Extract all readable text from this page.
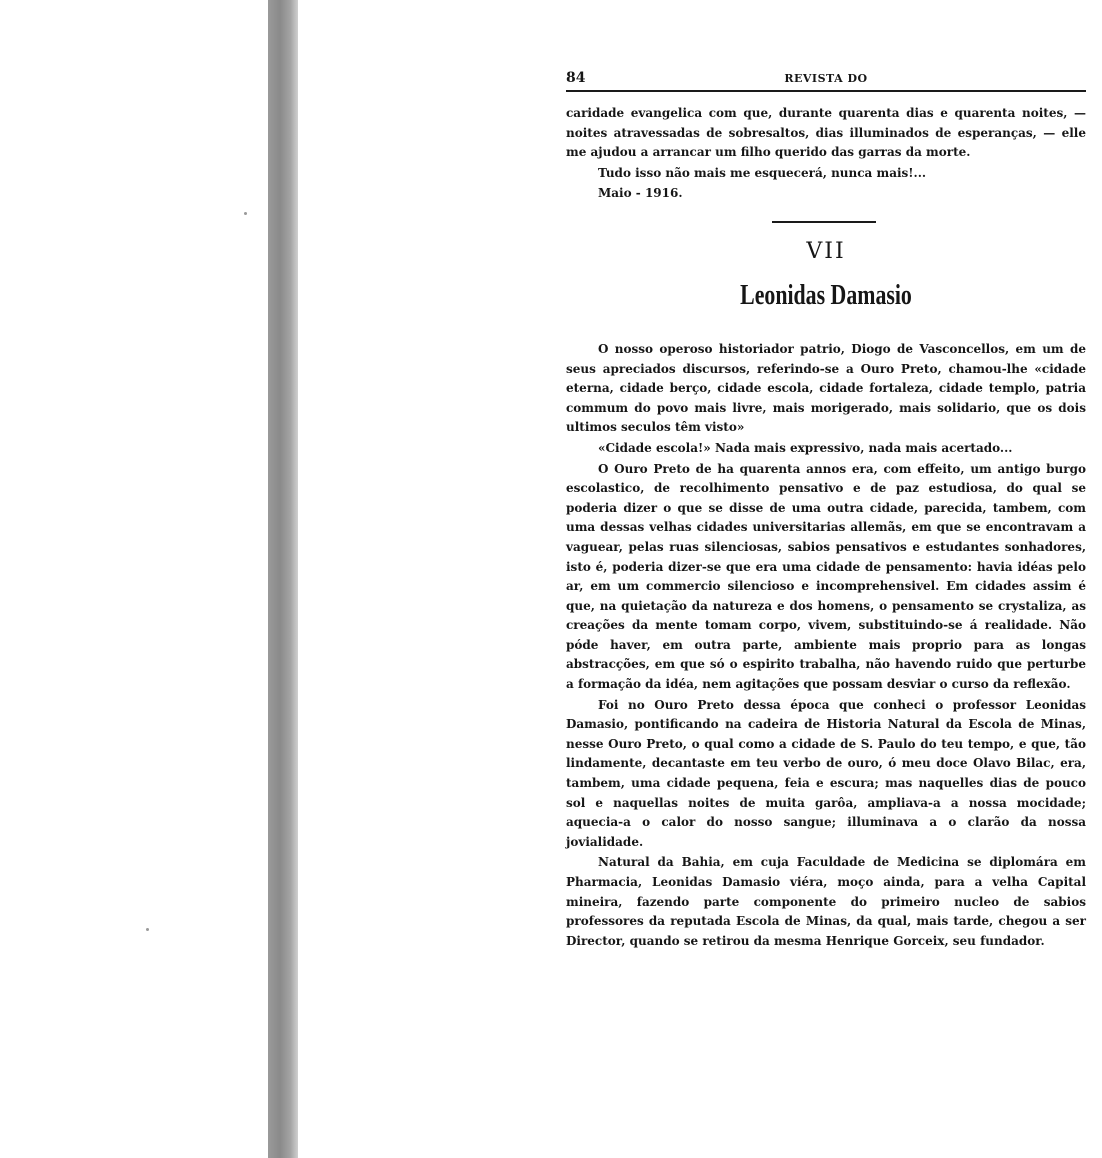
84	REVISTA DO

caridade evangelica com que, durante quarenta dias e quarenta noites, — noites atravessadas de sobresaltos, dias illuminados de esperanças, — elle me ajudou a arrancar um filho querido das garras da morte.

Tudo isso não mais me esquecerá, nunca mais!...

Maio - 1916.

VII
Leonidas Damasio

O nosso operoso historiador patrio, Diogo de Vasconcellos, em um de seus apreciados discursos, referindo-se a Ouro Preto, chamou-lhe «cidade eterna, cidade berço, cidade escola, cidade fortaleza, cidade templo, patria commum do povo mais livre, mais morigerado, mais solidario, que os dois ultimos seculos têm visto»

«Cidade escola!» Nada mais expressivo, nada mais acertado...

O Ouro Preto de ha quarenta annos era, com effeito, um antigo burgo escolastico, de recolhimento pensativo e de paz estudiosa, do qual se poderia dizer o que se disse de uma outra cidade, parecida, tambem, com uma dessas velhas cidades universitarias allemãs, em que se encontravam a vaguear, pelas ruas silenciosas, sabios pensativos e estudantes sonhadores, isto é, poderia dizer-se que era uma cidade de pensamento: havia idéas pelo ar, em um commercio silencioso e incomprehensivel. Em cidades assim é que, na quietação da natureza e dos homens, o pensamento se crystaliza, as creações da mente tomam corpo, vivem, substituindo-se á realidade. Não póde haver, em outra parte, ambiente mais proprio para as longas abstracções, em que só o espirito trabalha, não havendo ruido que perturbe a formação da idéa, nem agitações que possam desviar o curso da reflexão.

Foi no Ouro Preto dessa época que conheci o professor Leonidas Damasio, pontificando na cadeira de Historia Natural da Escola de Minas, nesse Ouro Preto, o qual como a cidade de S. Paulo do teu tempo, e que, tão lindamente, decantaste em teu verbo de ouro, ó meu doce Olavo Bilac, era, tambem, uma cidade pequena, feia e escura; mas naquelles dias de pouco sol e naquellas noites de muita garôa, ampliava-a a nossa mocidade; aquecia-a o calor do nosso sangue; illuminava a o clarão da nossa jovialidade.

Natural da Bahia, em cuja Faculdade de Medicina se diplomára em Pharmacia, Leonidas Damasio viéra, moço ainda, para a velha Capital mineira, fazendo parte componente do primeiro nucleo de sabios professores da reputada Escola de Minas, da qual, mais tarde, chegou a ser Director, quando se retirou da mesma Henrique Gorceix, seu fundador.
